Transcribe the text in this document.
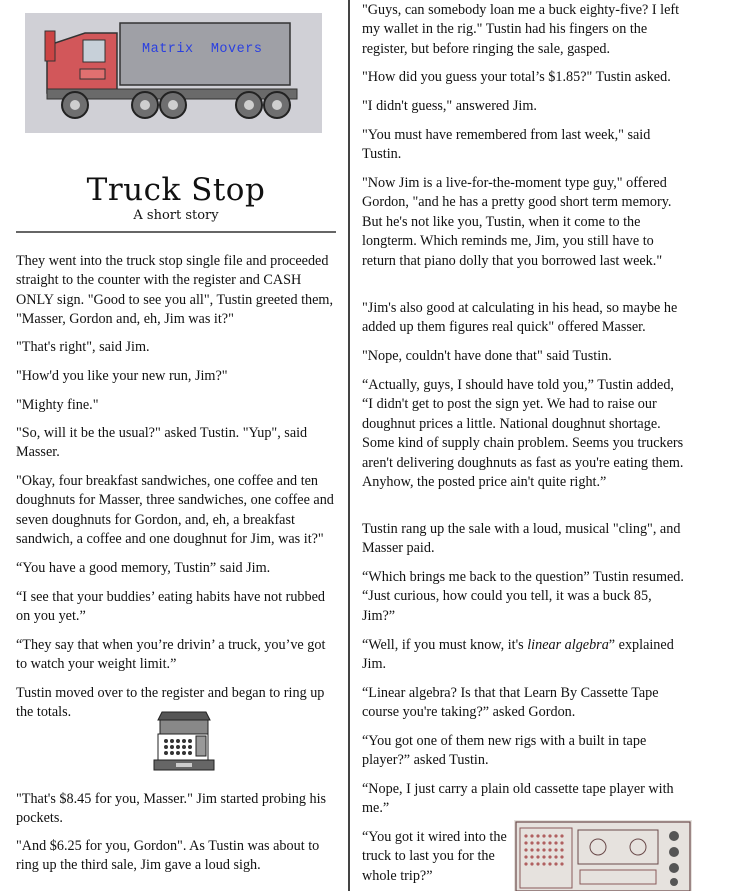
Matrix Movers
Truck Stop
A short story

They went into the truck stop single file and proceeded straight to the counter with the register and CASH ONLY sign. "Good to see you all", Tustin greeted them, "Masser, Gordon and, eh, Jim was it?"

"That's right", said Jim.

"How'd you like your new run, Jim?"

"Mighty fine."

"So, will it be the usual?" asked Tustin. "Yup", said Masser.

"Okay, four breakfast sandwiches, one coffee and ten doughnuts for Masser, three sandwiches, one coffee and seven doughnuts for Gordon, and, eh, a breakfast sandwich, a coffee and one doughnut for Jim, was it?"

“You have a good memory, Tustin” said Jim.

“I see that your buddies’ eating habits have not rubbed on you yet.”

“They say that when you’re drivin’ a truck, you’ve got to watch your weight limit.”

Tustin moved over to the register and began to ring up the totals.

"That's $8.45 for you, Masser." Jim started probing his pockets.

"And $6.25 for you, Gordon". As Tustin was about to ring up the third sale, Jim gave a loud sigh.

"Guys, can somebody loan me a buck eighty-five? I left my wallet in the rig." Tustin had his fingers on the register, but before ringing the sale, gasped.

"How did you guess your total’s $1.85?" Tustin asked.

"I didn't guess," answered Jim.

"You must have remembered from last week," said Tustin.

"Now Jim is a live-for-the-moment type guy," offered Gordon, "and he has a pretty good short term memory. But he's not like you, Tustin, when it come to the longterm. Which reminds me, Jim, you still have to return that piano dolly that you borrowed last week."

"Jim's also good at calculating in his head, so maybe he added up them figures real quick" offered Masser.

"Nope, couldn't have done that" said Tustin.

“Actually, guys, I should have told you,” Tustin added, “I didn't get to post the sign yet. We had to raise our doughnut prices a little. National doughnut shortage. Some kind of supply chain problem. Seems you truckers aren't delivering doughnuts as fast as you're eating them. Anyhow, the posted price ain't quite right.”

Tustin rang up the sale with a loud, musical "cling", and Masser paid.

“Which brings me back to the question” Tustin resumed. “Just curious, how could you tell, it was a buck 85, Jim?”

“Well, if you must know, it's linear algebra” explained Jim.

“Linear algebra? Is that that Learn By Cassette Tape course you're taking?” asked Gordon.

“You got one of them new rigs with a built in tape player?” asked Tustin.

“Nope, I just carry a plain old cassette tape player with me.”

“You got it wired into the truck to last you for the whole trip?”
